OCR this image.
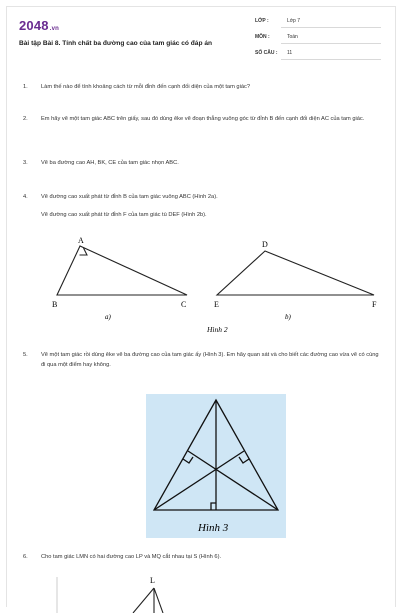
2048.vn
Bài tập Bài 8. Tính chất ba đường cao của tam giác có đáp án
LỚP :	Lớp 7
MÔN :	Toán
SỐ CÂU : 11
1. Làm thế nào để tính khoảng cách từ mỗi đỉnh đến cạnh đối diện của một tam giác?
2. Em hãy vẽ một tam giác ABC trên giấy, sau đó dùng êke vẽ đoạn thẳng vuông góc từ đỉnh B đến cạnh đối diện AC của tam giác.
3. Vẽ ba đường cao AH, BK, CE của tam giác nhọn ABC.
4. Vẽ đường cao xuất phát từ đỉnh B của tam giác vuông ABC (Hình 2a).
Vẽ đường cao xuất phát từ đỉnh F của tam giác tù DEF (Hình 2b).
A
B	C
D
E	F
a)	b)
Hình 2
5. Vẽ một tam giác rồi dùng êke vẽ ba đường cao của tam giác ấy (Hình 3). Em hãy quan sát và cho biết các đường cao vừa vẽ có cùng đi qua một điểm hay không.
Hình 3
6. Cho tam giác LMN có hai đường cao LP và MQ cắt nhau tại S (Hình 6).
L
